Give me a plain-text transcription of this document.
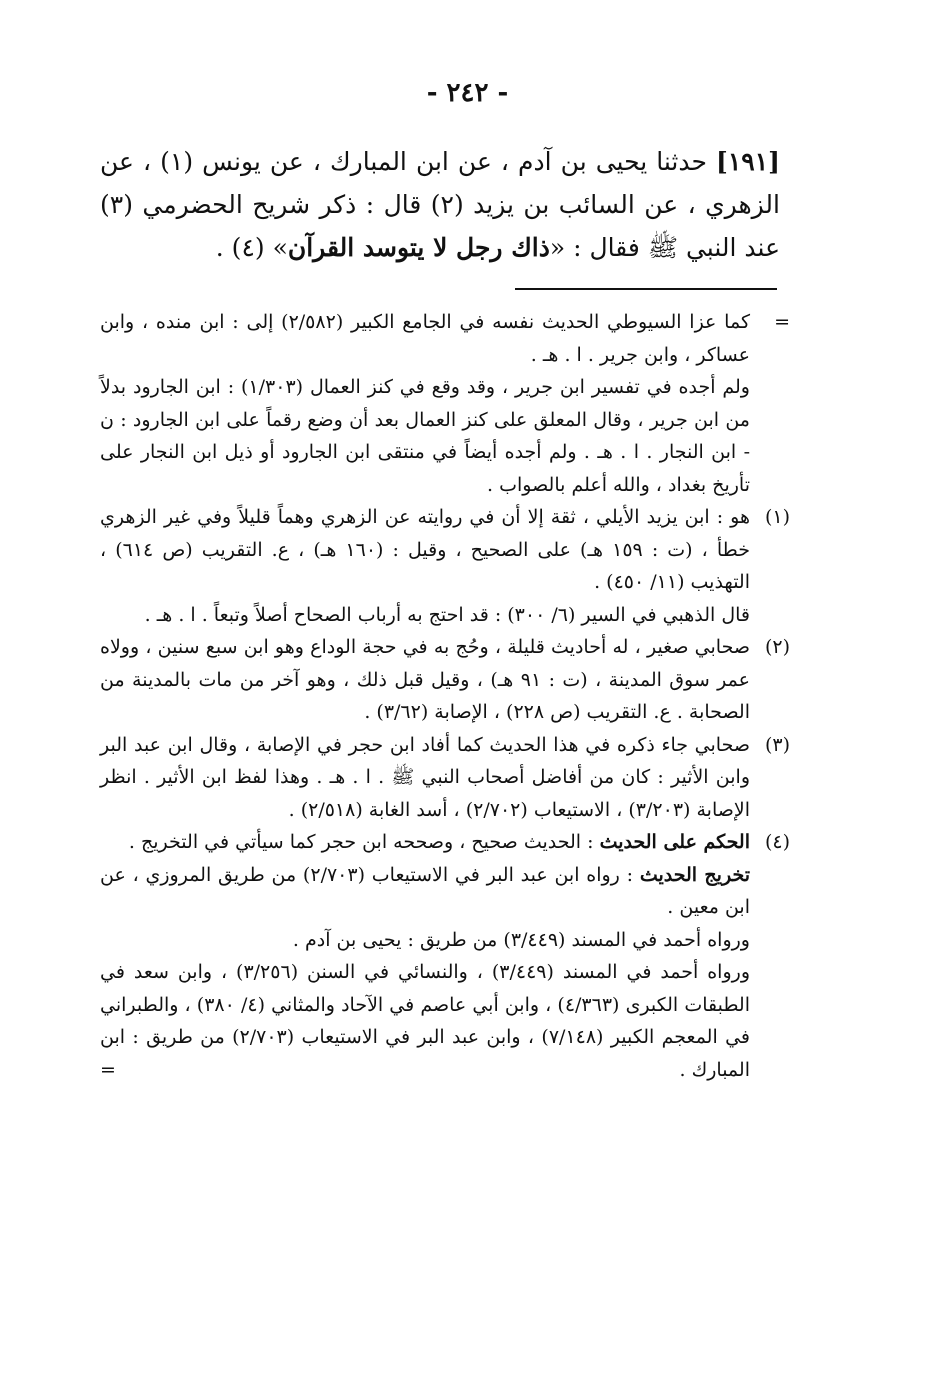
- ٢٤٢ -
[١٩١] حدثنا يحيى بن آدم ، عن ابن المبارك ، عن يونس (١) ، عن الزهري ، عن السائب بن يزيد (٢) قال : ذكر شريح الحضرمي (٣) عند النبي ﷺ فقال : «ذاك رجل لا يتوسد القرآن» (٤) .
=
كما عزا السيوطي الحديث نفسه في الجامع الكبير (٢/٥٨٢) إلى : ابن منده ، وابن عساكر ، وابن جرير . ا . هـ .
ولم أجده في تفسير ابن جرير ، وقد وقع في كنز العمال (١/٣٠٣) : ابن الجارود بدلاً من ابن جرير ، وقال المعلق على كنز العمال بعد أن وضع رقماً على ابن الجارود : ن - ابن النجار . ا . هـ . ولم أجده أيضاً في منتقى ابن الجارود أو ذيل ابن النجار على تأريخ بغداد ، والله أعلم بالصواب .
(١)
هو : ابن يزيد الأيلي ، ثقة إلا أن في روايته عن الزهري وهماً قليلاً وفي غير الزهري خطأ ، (ت : ١٥٩ هـ) على الصحيح ، وقيل : (١٦٠ هـ) ، ع. التقريب (ص ٦١٤) ، التهذيب (١١/ ٤٥٠) .
قال الذهبي في السير (٦/ ٣٠٠) : قد احتج به أرباب الصحاح أصلاً وتبعاً . ا . هـ .
(٢)
صحابي صغير ، له أحاديث قليلة ، وحُج به في حجة الوداع وهو ابن سبع سنين ، وولاه عمر سوق المدينة ، (ت : ٩١ هـ) ، وقيل قبل ذلك ، وهو آخر من مات بالمدينة من الصحابة . ع. التقريب (ص ٢٢٨) ، الإصابة (٣/٦٢) .
(٣)
صحابي جاء ذكره في هذا الحديث كما أفاد ابن حجر في الإصابة ، وقال ابن عبد البر وابن الأثير : كان من أفاضل أصحاب النبي ﷺ . ا . هـ . وهذا لفظ ابن الأثير . انظر الإصابة (٣/٢٠٣) ، الاستيعاب (٢/٧٠٢) ، أسد الغابة (٢/٥١٨) .
(٤)
الحكم على الحديث : الحديث صحيح ، وصححه ابن حجر كما سيأتي في التخريج .
تخريج الحديث : رواه ابن عبد البر في الاستيعاب (٢/٧٠٣) من طريق المروزي ، عن ابن معين .
ورواه أحمد في المسند (٣/٤٤٩) من طريق : يحيى بن آدم .
ورواه أحمد في المسند (٣/٤٤٩) ، والنسائي في السنن (٣/٢٥٦) ، وابن سعد في الطبقات الكبرى (٤/٣٦٣) ، وابن أبي عاصم في الآحاد والمثاني (٤/ ٣٨٠) ، والطبراني في المعجم الكبير (٧/١٤٨) ، وابن عبد البر في الاستيعاب (٢/٧٠٣) من طريق : ابن المبارك .
=
